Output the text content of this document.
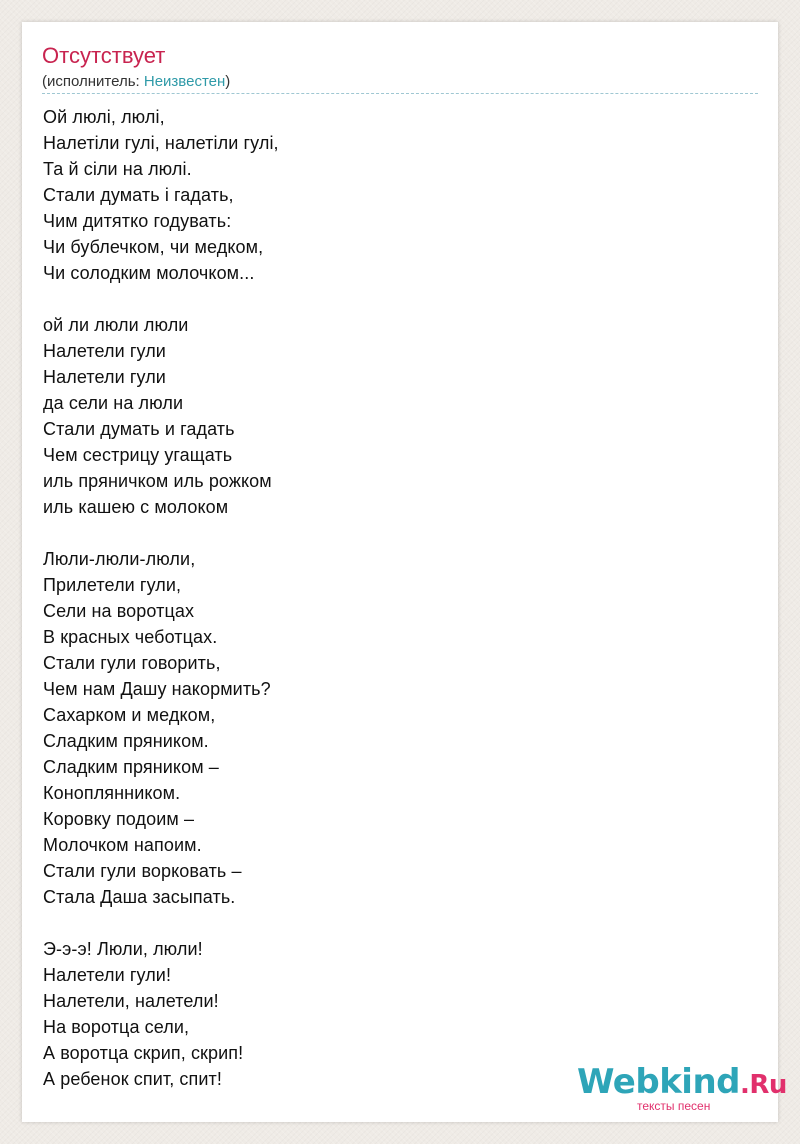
Отсутствует
(исполнитель: Неизвестен)
Ой люлі, люлі,
Налетіли гулі, налетіли гулі,
Та й сіли на люлі.
Стали думать і гадать,
Чим дитятко годувать:
Чи бублечком, чи медком,
Чи солодким молочком...
ой ли люли люли
Налетели гули
Налетели гули
да сели на люли
Стали думать и гадать
Чем сестрицу угащать
иль пряничком иль рожком
иль кашею с молоком
Люли-люли-люли,
Прилетели гули,
Сели на воротцах
В красных чеботцах.
Стали гули говорить,
Чем нам Дашу накормить?
Сахарком и медком,
Сладким пряником.
Сладким пряником –
Коноплянником.
Коровку подоим –
Молочком напоим.
Стали гули ворковать –
Стала Даша засыпать.
Э-э-э! Люли, люли!
Налетели гули!
Налетели, налетели!
На воротца сели,
А воротца скрип, скрип!
А ребенок спит, спит!	Webkind.Ru
тексты песен
